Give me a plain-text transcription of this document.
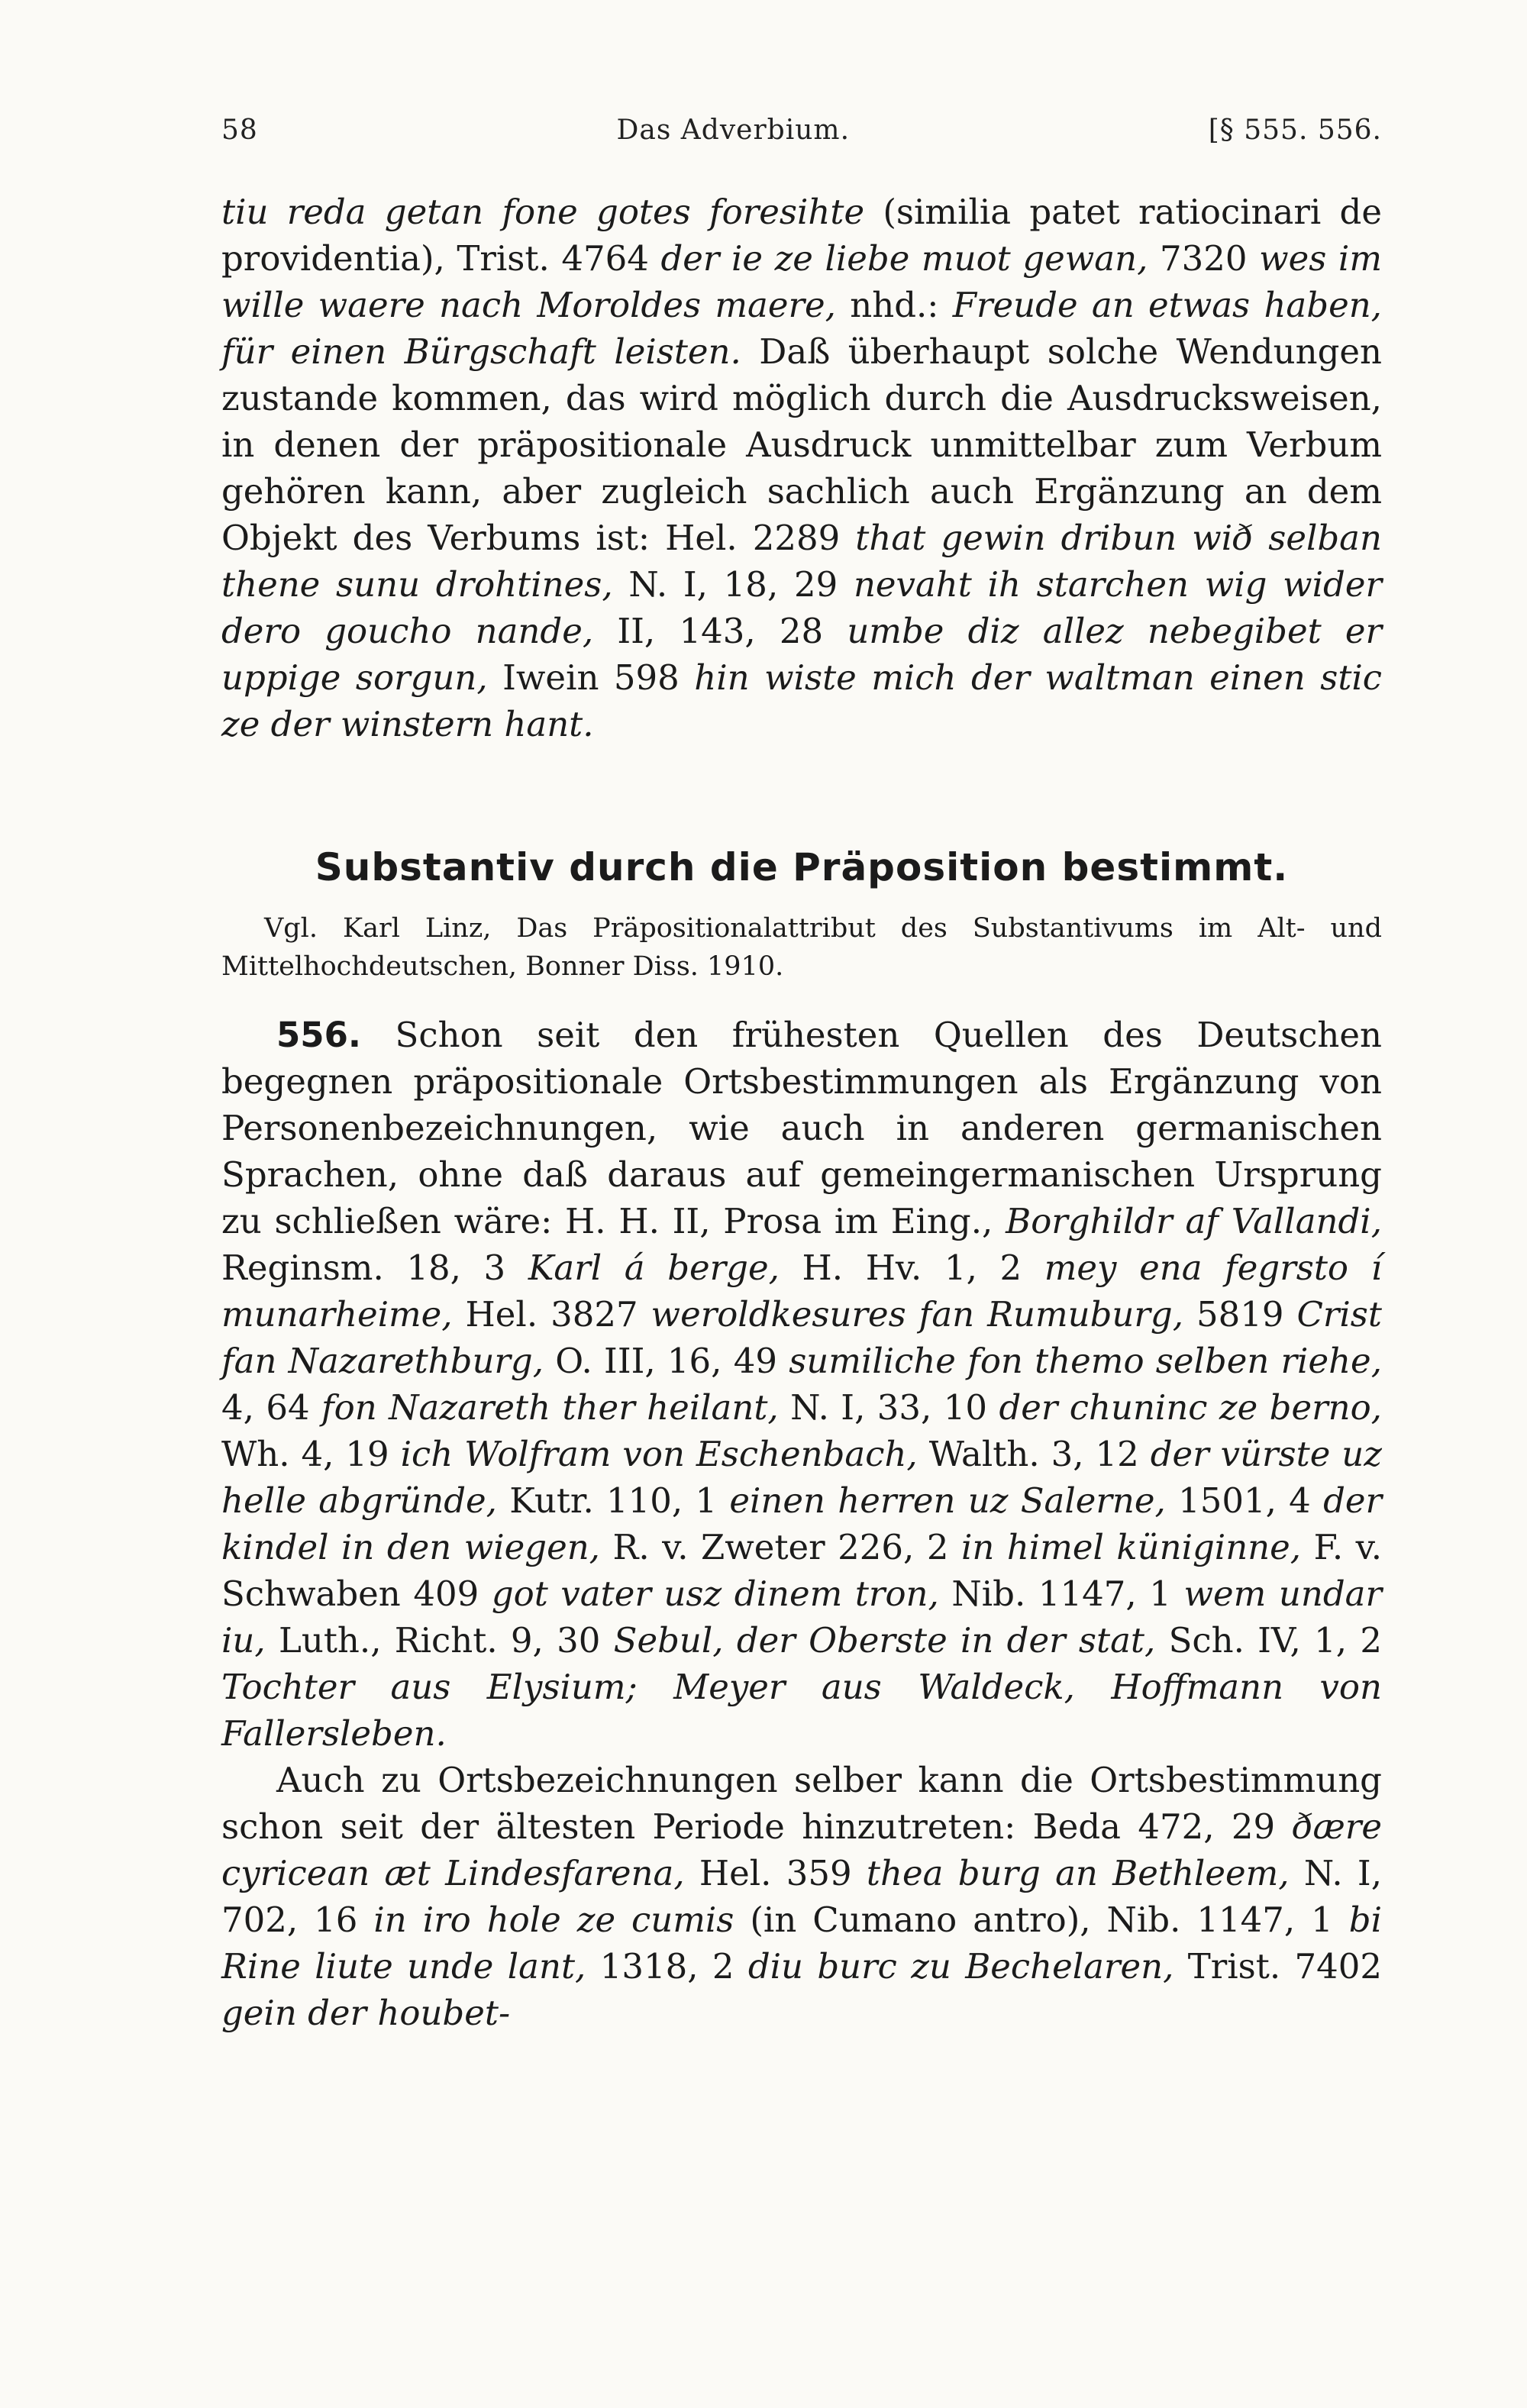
58	Das Adverbium.	[§ 555. 556.

tiu reda getan fone gotes foresihte (similia patet ratiocinari de providentia), Trist. 4764 der ie ze liebe muot gewan, 7320 wes im wille waere nach Moroldes maere, nhd.: Freude an etwas haben, für einen Bürgschaft leisten. Daß überhaupt solche Wendungen zustande kommen, das wird möglich durch die Ausdrucksweisen, in denen der präpositionale Ausdruck unmittelbar zum Verbum gehören kann, aber zugleich sachlich auch Ergänzung an dem Objekt des Verbums ist: Hel. 2289 that gewin dribun wið selban thene sunu drohtines, N. I, 18, 29 nevaht ih starchen wig wider dero goucho nande, II, 143, 28 umbe diz allez nebegibet er uppige sorgun, Iwein 598 hin wiste mich der waltman einen stic ze der winstern hant.

Substantiv durch die Präposition bestimmt.

Vgl. Karl Linz, Das Präpositionalattribut des Substantivums im Alt- und Mittelhochdeutschen, Bonner Diss. 1910.

556. Schon seit den frühesten Quellen des Deutschen begegnen präpositionale Ortsbestimmungen als Ergänzung von Personenbezeichnungen, wie auch in anderen germanischen Sprachen, ohne daß daraus auf gemeingermanischen Ursprung zu schließen wäre: H. H. II, Prosa im Eing., Borghildr af Vallandi, Reginsm. 18, 3 Karl á berge, H. Hv. 1, 2 mey ena fegrsto í munarheime, Hel. 3827 weroldkesures fan Rumuburg, 5819 Crist fan Nazarethburg, O. III, 16, 49 sumiliche fon themo selben riehe, 4, 64 fon Nazareth ther heilant, N. I, 33, 10 der chuninc ze berno, Wh. 4, 19 ich Wolfram von Eschenbach, Walth. 3, 12 der vürste uz helle abgründe, Kutr. 110, 1 einen herren uz Salerne, 1501, 4 der kindel in den wiegen, R. v. Zweter 226, 2 in himel küniginne, F. v. Schwaben 409 got vater usz dinem tron, Nib. 1147, 1 wem undar iu, Luth., Richt. 9, 30 Sebul, der Oberste in der stat, Sch. IV, 1, 2 Tochter aus Elysium; Meyer aus Waldeck, Hoffmann von Fallersleben.

Auch zu Ortsbezeichnungen selber kann die Ortsbestimmung schon seit der ältesten Periode hinzutreten: Beda 472, 29 ðære cyricean æt Lindesfarena, Hel. 359 thea burg an Bethleem, N. I, 702, 16 in iro hole ze cumis (in Cumano antro), Nib. 1147, 1 bi Rine liute unde lant, 1318, 2 diu burc zu Bechelaren, Trist. 7402 gein der houbet-
